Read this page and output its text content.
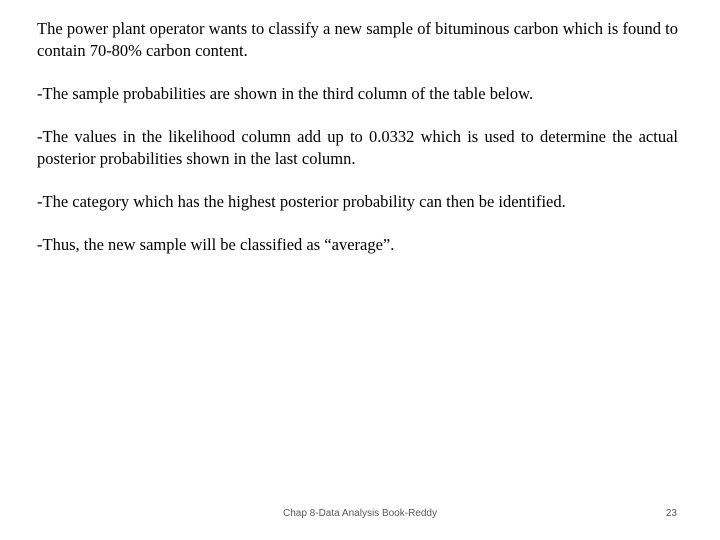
The power plant operator wants to classify a new sample of bituminous carbon which is found to contain 70-80% carbon content.

-The sample probabilities are shown in the third column of the table below.

-The values in the likelihood column add up to 0.0332 which is used to determine the actual posterior probabilities shown in the last column.

-The category which has the highest posterior probability can then be identified.

-Thus, the new sample will be classified as “average”.

Chap 8-Data Analysis Book-Reddy	23
